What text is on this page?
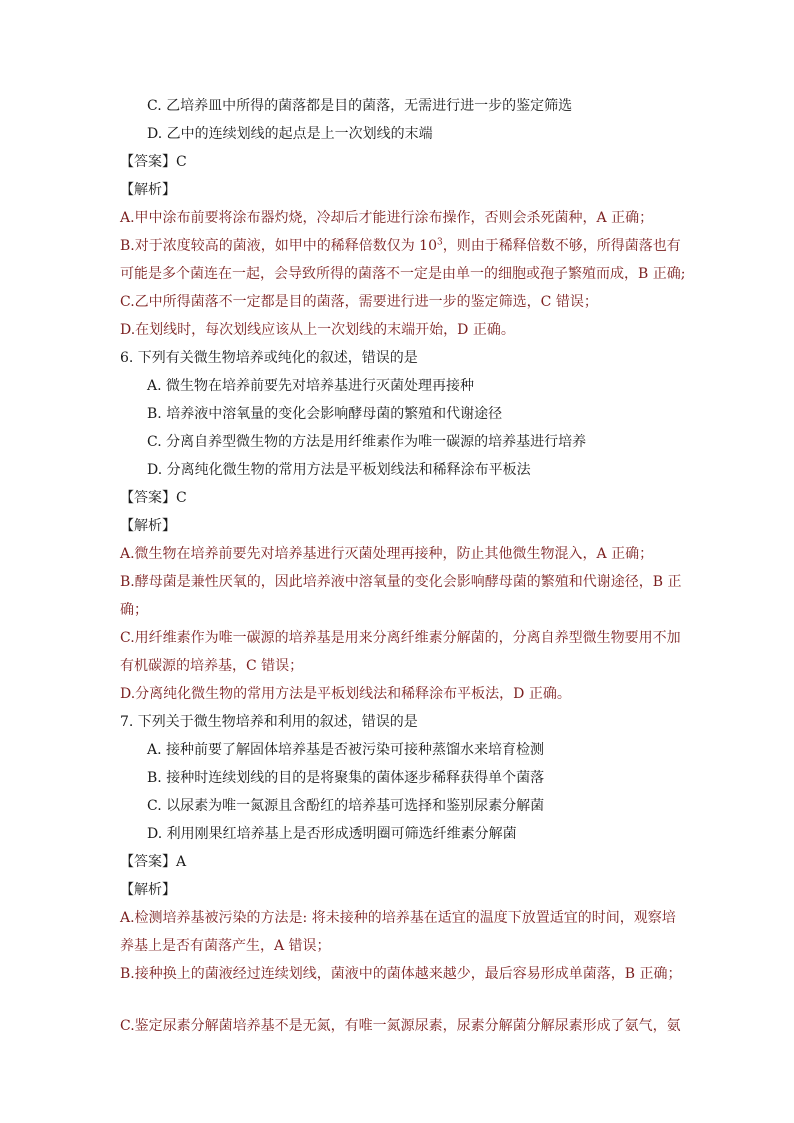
C. 乙培养皿中所得的菌落都是目的菌落，无需进行进一步的鉴定筛选
D. 乙中的连续划线的起点是上一次划线的末端
【答案】C
【解析】
A.甲中涂布前要将涂布器灼烧，冷却后才能进行涂布操作，否则会杀死菌种，A 正确；
B.对于浓度较高的菌液，如甲中的稀释倍数仅为 $10^3$，则由于稀释倍数不够，所得菌落也有
可能是多个菌连在一起，会导致所得的菌落不一定是由单一的细胞或孢子繁殖而成，B 正确;
C.乙中所得菌落不一定都是目的菌落，需要进行进一步的鉴定筛选，C 错误；
D.在划线时，每次划线应该从上一次划线的末端开始，D 正确。
6. 下列有关微生物培养或纯化的叙述，错误的是
A. 微生物在培养前要先对培养基进行灭菌处理再接种
B. 培养液中溶氧量的变化会影响酵母菌的繁殖和代谢途径
C. 分离自养型微生物的方法是用纤维素作为唯一碳源的培养基进行培养
D. 分离纯化微生物的常用方法是平板划线法和稀释涂布平板法
【答案】C
【解析】
A.微生物在培养前要先对培养基进行灭菌处理再接种，防止其他微生物混入，A 正确；
B.酵母菌是兼性厌氧的，因此培养液中溶氧量的变化会影响酵母菌的繁殖和代谢途径，B 正
确；
C.用纤维素作为唯一碳源的培养基是用来分离纤维素分解菌的，分离自养型微生物要用不加
有机碳源的培养基，C 错误；
D.分离纯化微生物的常用方法是平板划线法和稀释涂布平板法，D 正确。
7. 下列关于微生物培养和利用的叙述，错误的是
A. 接种前要了解固体培养基是否被污染可接种蒸馏水来培育检测
B. 接种时连续划线的目的是将聚集的菌体逐步稀释获得单个菌落
C. 以尿素为唯一氮源且含酚红的培养基可选择和鉴别尿素分解菌
D. 利用刚果红培养基上是否形成透明圈可筛选纤维素分解菌
【答案】A
【解析】
A.检测培养基被污染的方法是: 将未接种的培养基在适宜的温度下放置适宜的时间，观察培
养基上是否有菌落产生，A 错误；
B.接种换上的菌液经过连续划线，菌液中的菌体越来越少，最后容易形成单菌落，B 正确；
C.鉴定尿素分解菌培养基不是无氮，有唯一氮源尿素，尿素分解菌分解尿素形成了氨气，氨
